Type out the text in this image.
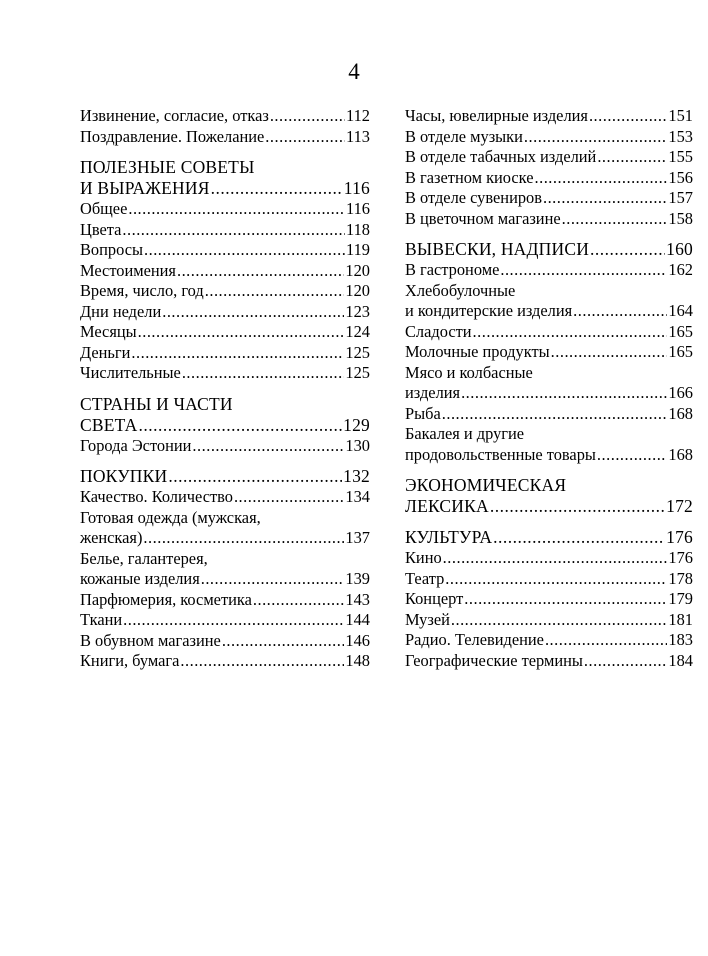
4
Извинение, согласие, отказ .....	112
Поздравление. Пожелание .....	113
ПОЛЕЗНЫЕ СОВЕТЫ
И ВЫРАЖЕНИЯ .....	116
Общее .....	116
Цвета .....	118
Вопросы .....	119
Местоимения .....	120
Время, число, год .....	120
Дни недели .....	123
Месяцы .....	124
Деньги .....	125
Числительные .....	125
СТРАНЫ И ЧАСТИ
СВЕТА .....	129
Города Эстонии .....	130
ПОКУПКИ .....	132
Качество. Количество .....	134
Готовая одежда (мужская,
женская) .....	137
Белье, галантерея,
кожаные изделия .....	139
Парфюмерия, косметика .....	143
Ткани .....	144
В обувном магазине .....	146
Книги, бумага .....	148
Часы, ювелирные изделия .....	151
В отделе музыки .....	153
В отделе табачных изделий .....	155
В газетном киоске .....	156
В отделе сувениров .....	157
В цветочном магазине .....	158
ВЫВЕСКИ, НАДПИСИ .....	160
В гастрономе .....	162
Хлебобулочные
и кондитерские изделия .....	164
Сладости .....	165
Молочные продукты .....	165
Мясо и колбасные
изделия .....	166
Рыба .....	168
Бакалея и другие
продовольственные товары .....	168
ЭКОНОМИЧЕСКАЯ
ЛЕКСИКА .....	172
КУЛЬТУРА .....	176
Кино .....	176
Театр .....	178
Концерт .....	179
Музей .....	181
Радио. Телевидение .....	183
Географические термины .....	184
